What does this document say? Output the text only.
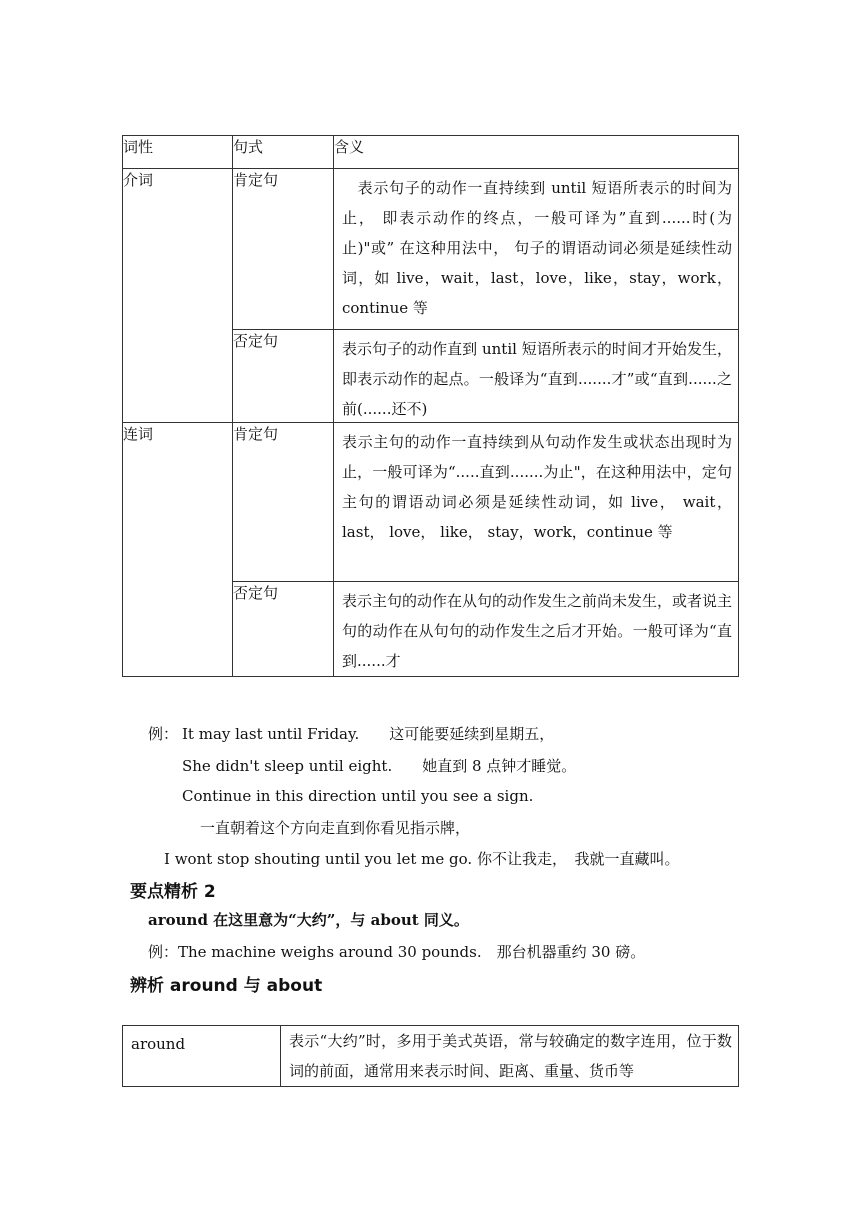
词性	句式	含义
介词	肯定句	　表示句子的动作一直持续到 until 短语所表示的时间为止， 即表示动作的终点，一般可译为”直到......时(为止)"或” 在这种用法中， 句子的谓语动词必须是延续性动词，如 live，wait，last，love，like，stay，work，continue 等

	否定句	表示句子的动作直到 until 短语所表示的时间才开始发生，即表示动作的起点。一般译为“直到.......才”或“直到......之前(......还不)

连词	肯定句	表示主句的动作一直持续到从句动作发生或状态出现时为止，一般可译为“.....直到.......为止"，在这种用法中，定句主句的谓语动词必须是延续性动词，如 live， wait， last， love， like， stay，work，continue 等

	否定句	表示主句的动作在从句的动作发生之前尚未发生，或者说主句的动作在从句句的动作发生之后才开始。一般可译为“直到......才
例： It may last until Friday.　　这可能要延续到星期五，
She didn't sleep until eight.　　她直到 8 点钟才睡觉。
Continue in this direction until you see a sign.
一直朝着这个方向走直到你看见指示牌，
I wont stop shouting until you let me go. 你不让我走，　我就一直藏叫。
要点精析 2
around 在这里意为“大约”，与 about 同义。
例：The machine weighs around 30 pounds.　那台机器重约 30 磅。
辨析 around 与 about
around	表示“大约”时，多用于美式英语，常与较确定的数字连用，位于数词的前面，通常用来表示时间、距离、重量、货币等
